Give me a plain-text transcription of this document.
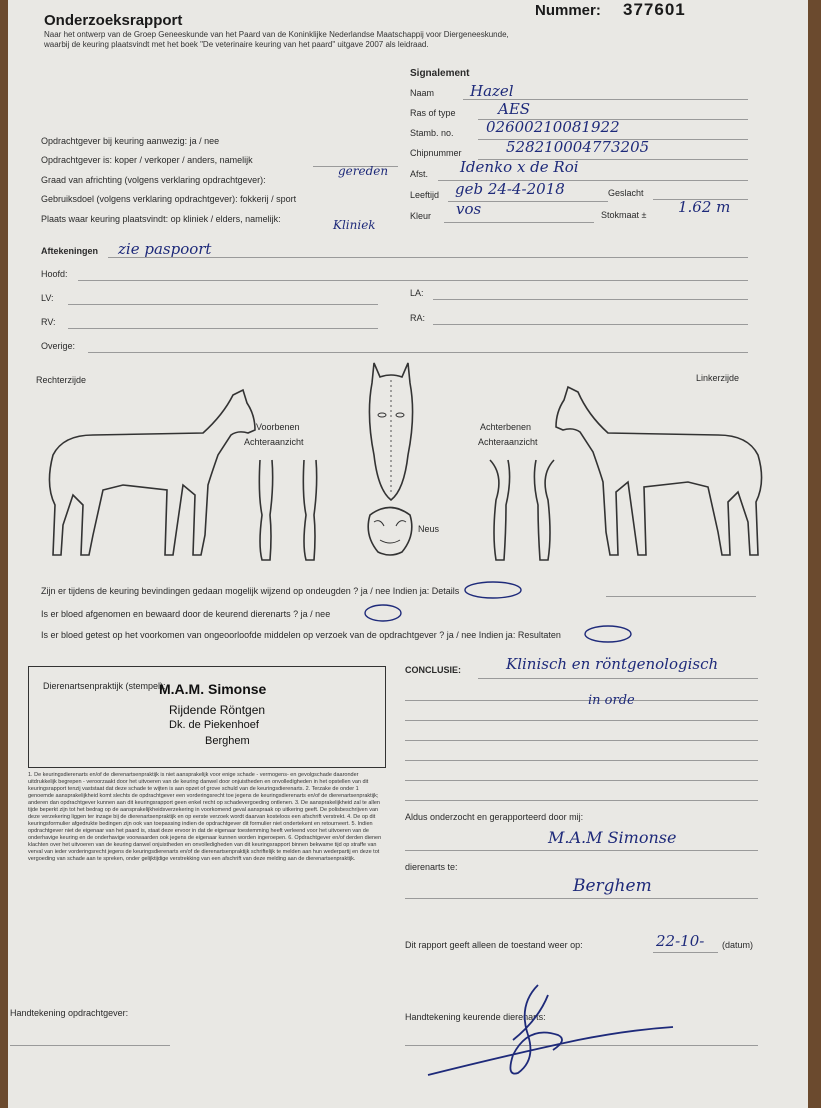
Onderzoeksrapport
Nummer: 377601
Naar het ontwerp van de Groep Geneeskunde van het Paard van de Koninklijke Nederlandse Maatschappij voor Diergeneeskunde,
waarbij de keuring plaatsvindt met het boek "De veterinaire keuring van het paard" uitgave 2007 als leidraad.
Signalement
Naam Hazel
Ras of type	AES
Stamb. no. 02600210081922
Chipnummer	528210004773205
Afst. Idenko x de Roi
Leeftijd geb 24-4-2018	Geslacht
Kleur vos	Stokmaat ± 1.62 m
Opdrachtgever bij keuring aanwezig: ja / nee
Opdrachtgever is: koper / verkoper / anders, namelijk
Graad van africhting (volgens verklaring opdrachtgever):
gereden
Gebruiksdoel (volgens verklaring opdrachtgever): fokkerij / sport
Plaats waar keuring plaatsvindt: op kliniek / elders, namelijk:	Kliniek
Aftekeningen zie paspoort
Hoofd:
LV:	LA:
RV:	RA:
Overige:
Rechterzijde	Linkerzijde
Voorbenen
Achteraanzicht
Achterbenen
Achteraanzicht
Neus
Zijn er tijdens de keuring bevindingen gedaan mogelijk wijzend op ondeugden ? ja / nee Indien ja: Details
Is er bloed afgenomen en bewaard door de keurend dierenarts ? ja / nee
Is er bloed getest op het voorkomen van ongeoorloofde middelen op verzoek van de opdrachtgever ? ja / nee Indien ja: Resultaten
Dierenartsenpraktijk (stempel):
M.A.M. Simonse
Rijdende Röntgen
Dk. de Piekenhoef
Berghem
CONCLUSIE:	Klinisch en röntgenologisch
in orde
1. De keuringsdierenarts en/of de dierenartsenpraktijk is niet aansprakelijk voor enige schade - vermogens- en gevolgschade daaronder uitdrukkelijk begrepen - veroorzaakt door het uitvoeren van de keuring danwel door onjuistheden en onvolledigheden in het opstellen van dit keuringsrapport tenzij vaststaat dat deze schade te wijten is aan opzet of grove schuld van de keuringsdierenarts. 2. Terzake de onder 1 genoemde aansprakelijkheid komt slechts de opdrachtgever een vorderingsrecht toe jegens de keuringsdierenarts en/of de dierenartsenpraktijk; anderen dan opdrachtgever kunnen aan dit keuringsrapport geen enkel recht op schadevergoeding ontlenen. 3. De aansprakelijkheid zal te allen tijde beperkt zijn tot het bedrag op de aansprakelijkheidsverzekering in voorkomend geval aanspraak op uitkering geeft. De polisbeschrijven van deze verzekering liggen ter inzage bij de dierenartsenpraktijk en op eerste verzoek wordt daarvan kosteloos een afschrift verstrekt. 4. De op dit keuringsformulier afgedrukte bedingen zijn ook van toepassing indien de opdrachtgever dit formulier niet ondertekent en retourneert. 5. Indien opdrachtgever niet de eigenaar van het paard is, staat deze ervoor in dat de eigenaar toestemming heeft verleend voor het uitvoeren van de onderhavige keuring en de onderhavige voorwaarden ook jegens de eigenaar kunnen worden ingeroepen. 6. Opdrachtgever en/of derden dienen klachten over het uitvoeren van de keuring danwel onjuistheden en onvolledigheden van dit keuringsrapport binnen bekwame tijd op straffe van verval van ieder vorderingsrecht jegens de keuringsdierenarts en/of de dierenartsenpraktijk schriftelijk te melden aan hun wederpartij en deze tot vergoeding van schade aan te spreken, onder gelijktijdige verstrekking van een afschrift van deze melding aan de dierenartsenpraktijk.
Aldus onderzocht en gerapporteerd door mij:
M.A.M Simonse
dierenarts te:
Berghem
Dit rapport geeft alleen de toestand weer op:	22-10- (datum)
Handtekening opdrachtgever:	Handtekening keurende dierenarts:
